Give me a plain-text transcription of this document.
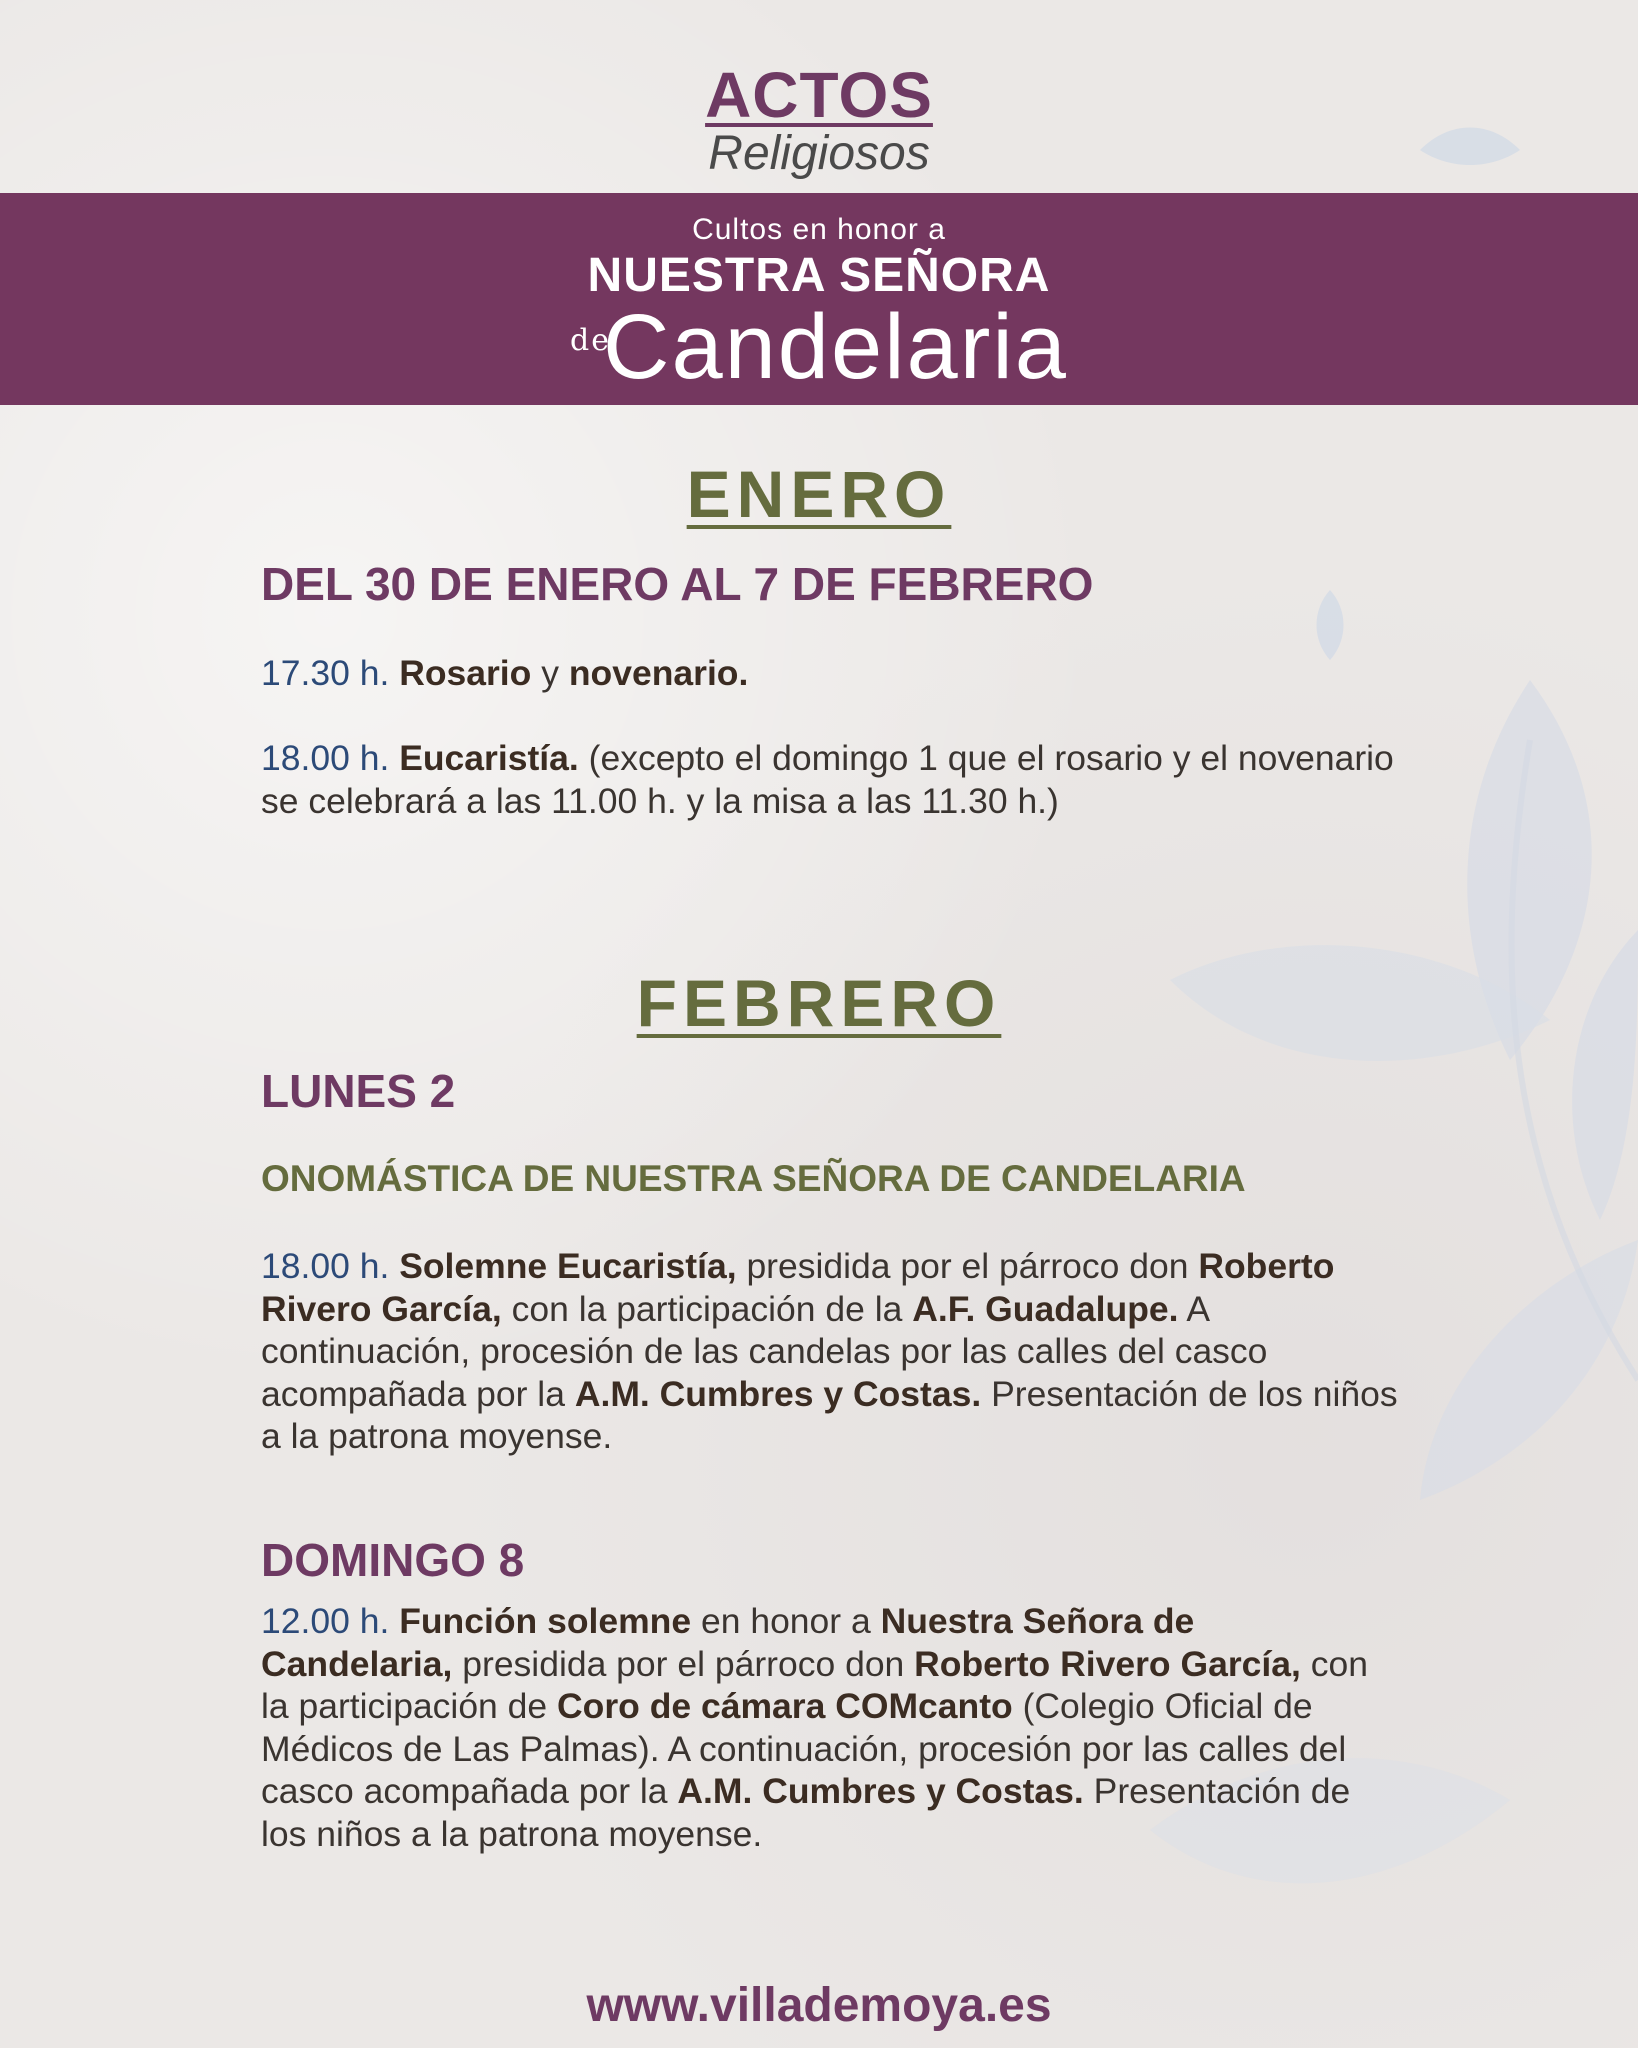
ACTOS
Religiosos
Cultos en honor a
NUESTRA SEÑORA
$^{de}$Candelaria
ENERO
DEL 30 DE ENERO AL 7 DE FEBRERO
17.30 h. Rosario y novenario.
18.00 h. Eucaristía. (excepto el domingo 1 que el rosario y el novenario se celebrará a las 11.00 h. y la misa a las 11.30 h.)
FEBRERO
LUNES 2
ONOMÁSTICA DE NUESTRA SEÑORA DE CANDELARIA
18.00 h. Solemne Eucaristía, presidida por el párroco don Roberto Rivero García, con la participación de la A.F. Guadalupe. A continuación, procesión de las candelas por las calles del casco acompañada por la A.M. Cumbres y Costas. Presentación de los niños a la patrona moyense.
DOMINGO 8
12.00 h. Función solemne en honor a Nuestra Señora de Candelaria, presidida por el párroco don Roberto Rivero García, con la participación de Coro de cámara COMcanto (Colegio Oficial de Médicos de Las Palmas). A continuación, procesión por las calles del casco acompañada por la A.M. Cumbres y Costas. Presentación de los niños a la patrona moyense.
www.villademoya.es
